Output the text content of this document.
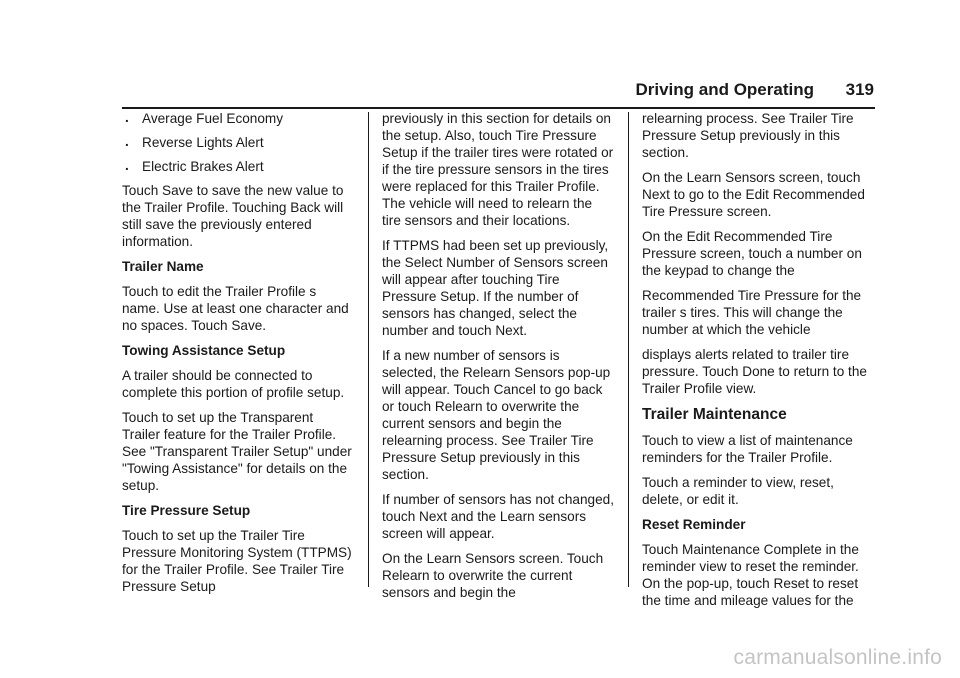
Driving and Operating 319
. Average Fuel Economy
. Reverse Lights Alert
. Electric Brakes Alert

Touch Save to save the new value to the Trailer Profile. Touching Back will still save the previously entered information.

Trailer Name

Touch to edit the Trailer Profile s name. Use at least one character and no spaces. Touch Save.

Towing Assistance Setup

A trailer should be connected to complete this portion of profile setup.

Touch to set up the Transparent Trailer feature for the Trailer Profile. See "Transparent Trailer Setup" under "Towing Assistance" for details on the setup.

Tire Pressure Setup

Touch to set up the Trailer Tire Pressure Monitoring System (TTPMS) for the Trailer Profile. See Trailer Tire Pressure Setup

previously in this section for details on the setup. Also, touch Tire Pressure Setup if the trailer tires were rotated or if the tire pressure sensors in the tires were replaced for this Trailer Profile. The vehicle will need to relearn the tire sensors and their locations.

If TTPMS had been set up previously, the Select Number of Sensors screen will appear after touching Tire Pressure Setup. If the number of sensors has changed, select the number and touch Next.

If a new number of sensors is selected, the Relearn Sensors pop-up will appear. Touch Cancel to go back or touch Relearn to overwrite the current sensors and begin the relearning process. See Trailer Tire Pressure Setup previously in this section.

If number of sensors has not changed, touch Next and the Learn sensors screen will appear.

On the Learn Sensors screen. Touch Relearn to overwrite the current sensors and begin the

relearning process. See Trailer Tire Pressure Setup previously in this section.

On the Learn Sensors screen, touch Next to go to the Edit Recommended Tire Pressure screen.

On the Edit Recommended Tire Pressure screen, touch a number on the keypad to change the

Recommended Tire Pressure for the trailer s tires. This will change the number at which the vehicle

displays alerts related to trailer tire pressure. Touch Done to return to the Trailer Profile view.

Trailer Maintenance

Touch to view a list of maintenance reminders for the Trailer Profile.

Touch a reminder to view, reset, delete, or edit it.

Reset Reminder

Touch Maintenance Complete in the reminder view to reset the reminder. On the pop-up, touch Reset to reset the time and mileage values for the

carmanualsonline.info
